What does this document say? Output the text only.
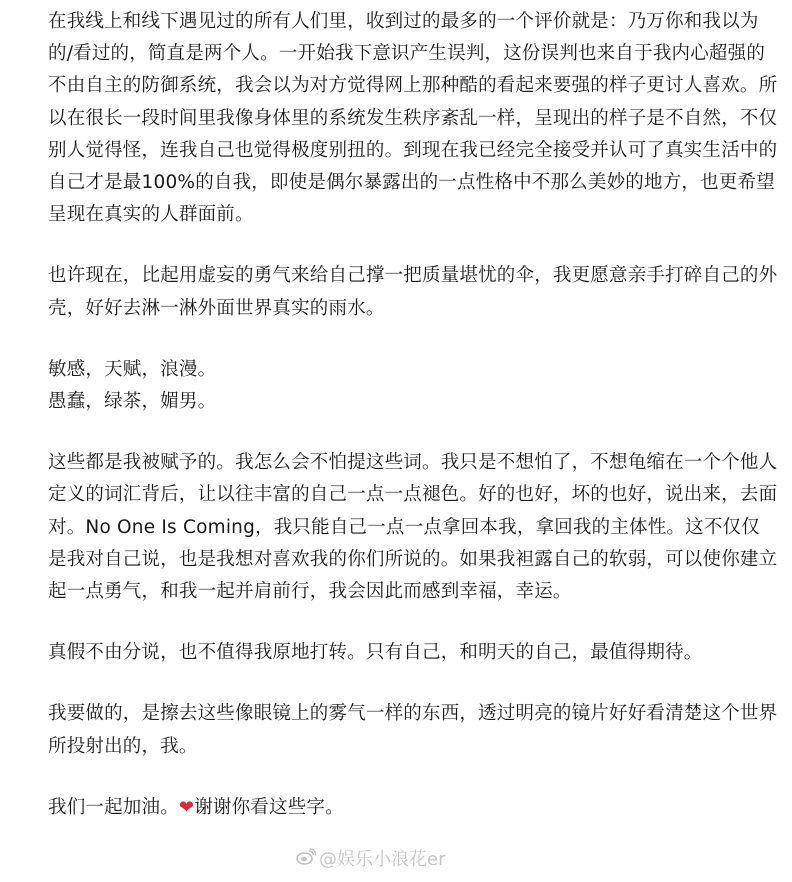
在我线上和线下遇见过的所有人们里，收到过的最多的一个评价就是：乃万你和我以为的/看过的，简直是两个人。一开始我下意识产生误判，这份误判也来自于我内心超强的不由自主的防御系统，我会以为对方觉得网上那种酷的看起来要强的样子更讨人喜欢。所以在很长一段时间里我像身体里的系统发生秩序紊乱一样，呈现出的样子是不自然，不仅别人觉得怪，连我自己也觉得极度别扭的。到现在我已经完全接受并认可了真实生活中的自己才是最100%的自我，即使是偶尔暴露出的一点性格中不那么美妙的地方，也更希望呈现在真实的人群面前。

也许现在，比起用虚妄的勇气来给自己撑一把质量堪忧的伞，我更愿意亲手打碎自己的外壳，好好去淋一淋外面世界真实的雨水。

敏感，天赋，浪漫。

愚蠢，绿茶，媚男。

这些都是我被赋予的。我怎么会不怕提这些词。我只是不想怕了，不想龟缩在一个个他人定义的词汇背后，让以往丰富的自己一点一点褪色。好的也好，坏的也好，说出来，去面对。No One Is Coming，我只能自己一点一点拿回本我，拿回我的主体性。这不仅仅是我对自己说，也是我想对喜欢我的你们所说的。如果我袒露自己的软弱，可以使你建立起一点勇气，和我一起并肩前行，我会因此而感到幸福，幸运。

真假不由分说，也不值得我原地打转。只有自己，和明天的自己，最值得期待。

我要做的，是擦去这些像眼镜上的雾气一样的东西，透过明亮的镜片好好看清楚这个世界所投射出的，我。

我们一起加油。❤谢谢你看这些字。

@娱乐小浪花er
